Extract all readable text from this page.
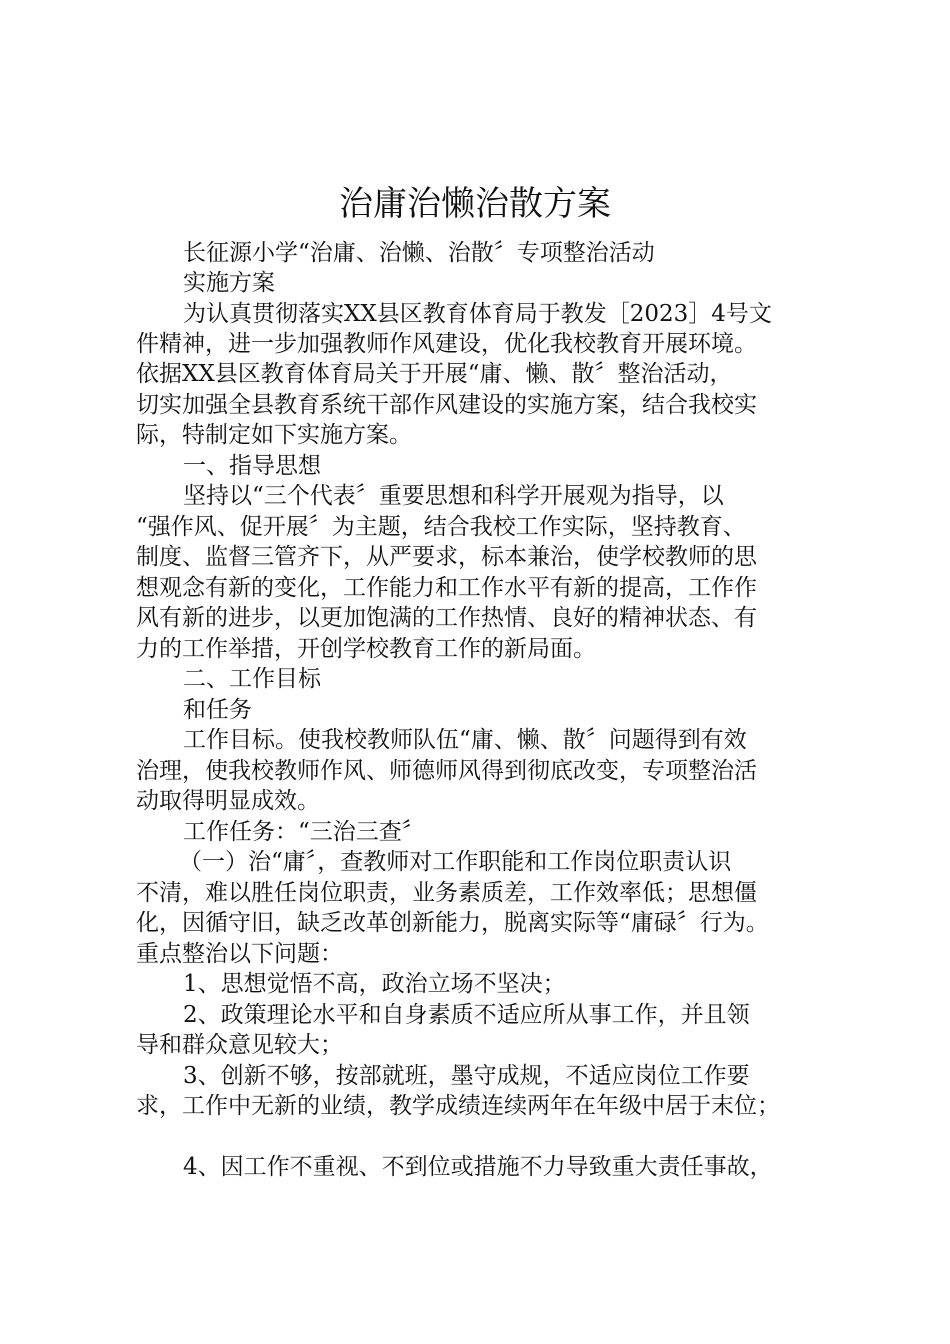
治庸治懒治散方案

长征源小学“治庸、治懒、治散〞专项整治活动

实施方案

为认真贯彻落实XX县区教育体育局于教发［2023］4号文

件精神，进一步加强教师作风建设，优化我校教育开展环境。

依据XX县区教育体育局关于开展“庸、懒、散〞整治活动，

切实加强全县教育系统干部作风建设的实施方案，结合我校实

际，特制定如下实施方案。

一、指导思想

坚持以“三个代表〞重要思想和科学开展观为指导，以

“强作风、促开展〞为主题，结合我校工作实际，坚持教育、

制度、监督三管齐下，从严要求，标本兼治，使学校教师的思

想观念有新的变化，工作能力和工作水平有新的提高，工作作

风有新的进步，以更加饱满的工作热情、良好的精神状态、有

力的工作举措，开创学校教育工作的新局面。

二、工作目标

和任务

工作目标。使我校教师队伍“庸、懒、散〞问题得到有效

治理，使我校教师作风、师德师风得到彻底改变，专项整治活

动取得明显成效。

工作任务：“三治三查〞

（一）治“庸〞，查教师对工作职能和工作岗位职责认识

不清，难以胜任岗位职责，业务素质差，工作效率低；思想僵

化，因循守旧，缺乏改革创新能力，脱离实际等“庸碌〞行为。

重点整治以下问题：

1、思想觉悟不高，政治立场不坚决；

2、政策理论水平和自身素质不适应所从事工作，并且领

导和群众意见较大；

3、创新不够，按部就班，墨守成规，不适应岗位工作要

求，工作中无新的业绩，教学成绩连续两年在年级中居于末位；

4、因工作不重视、不到位或措施不力导致重大责任事故，
